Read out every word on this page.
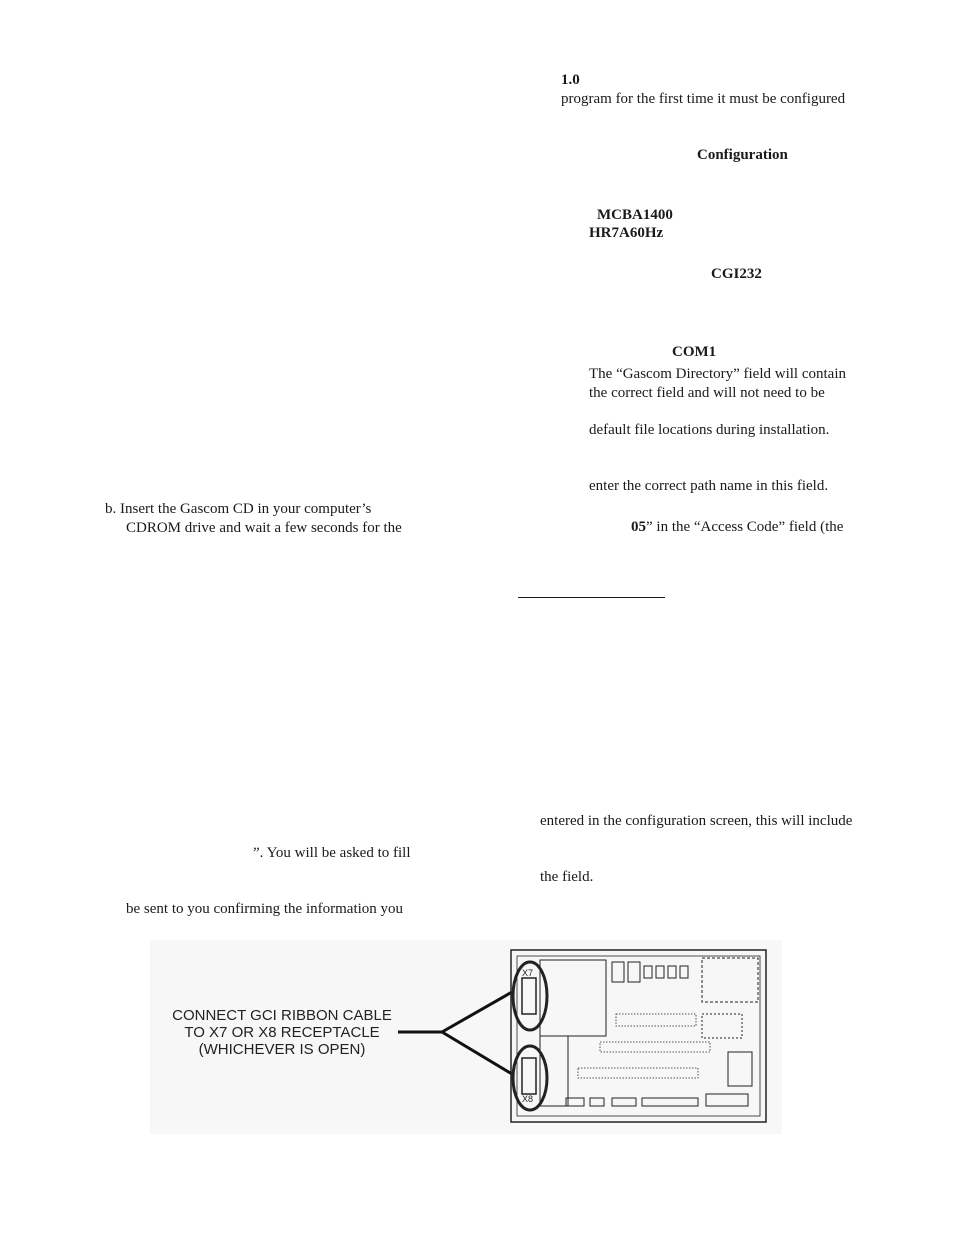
1.0
program for the first time it must be configured
Configuration
MCBA1400
HR7A60Hz
CGI232
COM1
The “Gascom Directory” field will contain
the correct field and will not need to be
default file locations during installation.
enter the correct path name in this field.
05” in the “Access Code” field (the
entered in the configuration screen, this will include
the field.
b. Insert the Gascom CD in your computer’s
CDROM drive and wait a few seconds for the
”. You will be asked to fill
be sent to you confirming the information you
CONNECT GCI RIBBON CABLE
TO X7 OR X8 RECEPTACLE
(WHICHEVER IS OPEN)
X7
X8
